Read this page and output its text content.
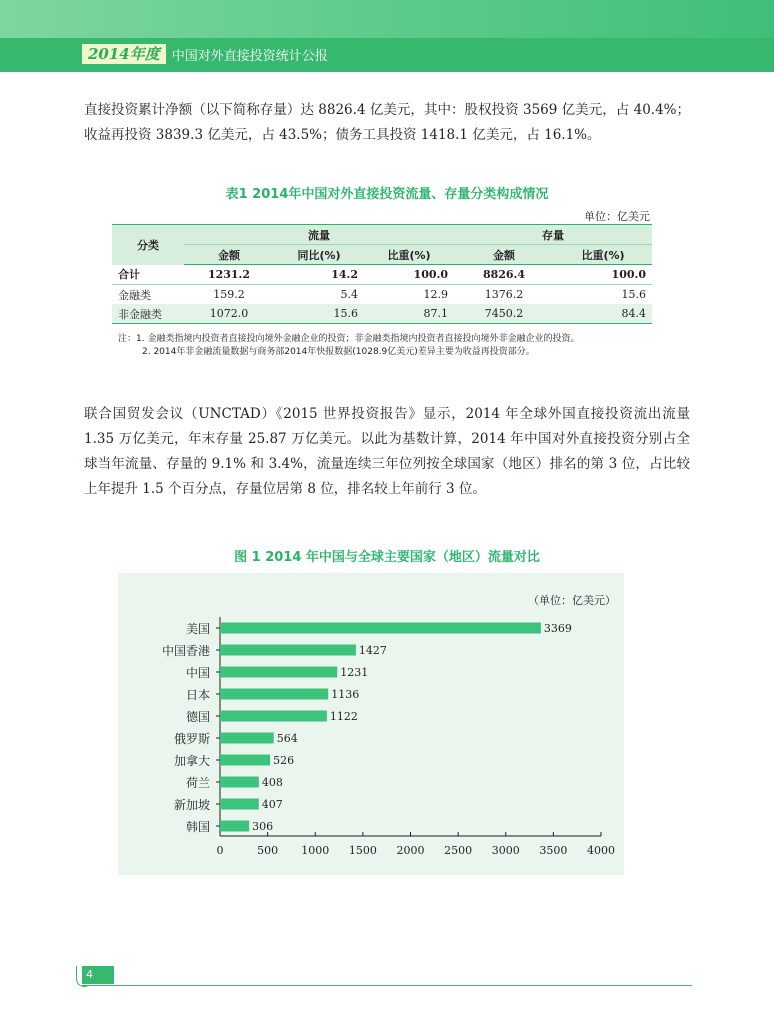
2014年度 中国对外直接投资统计公报
直接投资累计净额（以下简称存量）达 8826.4 亿美元，其中：股权投资 3569 亿美元，占 40.4%；收益再投资 3839.3 亿美元，占 43.5%；债务工具投资 1418.1 亿美元，占 16.1%。
表1 2014年中国对外直接投资流量、存量分类构成情况
单位：亿美元
分类	流量			存量	
	金额	同比(%)	比重(%)	金额	比重(%)
合计	1231.2	14.2	100.0	8826.4	100.0
金融类	159.2	5.4	12.9	1376.2	15.6
非金融类	1072.0	15.6	87.1	7450.2	84.4
注：1. 金融类指境内投资者直接投向境外金融企业的投资；非金融类指境内投资者直接投向境外非金融企业的投资。
2. 2014年非金融流量数据与商务部2014年快报数据(1028.9亿美元)差异主要为收益再投资部分。
联合国贸发会议（UNCTAD）《2015 世界投资报告》显示，2014 年全球外国直接投资流出流量 1.35 万亿美元，年末存量 25.87 万亿美元。以此为基数计算，2014 年中国对外直接投资分别占全球当年流量、存量的 9.1% 和 3.4%，流量连续三年位列按全球国家（地区）排名的第 3 位，占比较上年提升 1.5 个百分点，存量位居第 8 位，排名较上年前行 3 位。
图 1 2014 年中国与全球主要国家（地区）流量对比
（单位：亿美元）
0	500 1000 1500 2000 2500 3000 3500 4000
美国	3369
中国香港	1427
中国	1231
日本	1136
德国	1122
俄罗斯	564
加拿大	526
荷兰	408
新加坡	407
韩国	306
4
